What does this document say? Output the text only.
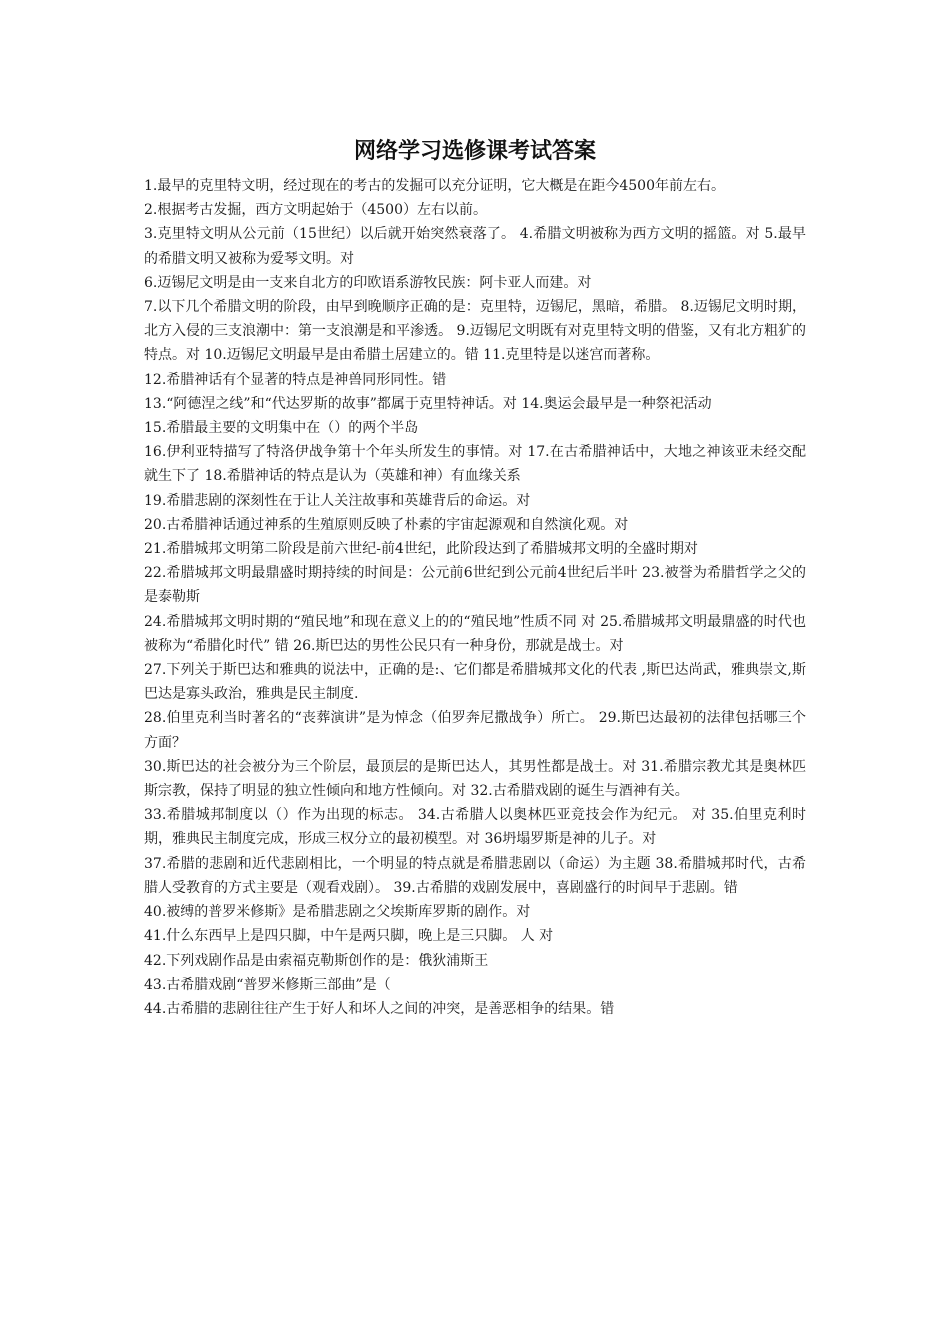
网络学习选修课考试答案

1.最早的克里特文明，经过现在的考古的发掘可以充分证明，它大概是在距今4500年前左右。

2.根据考古发掘，西方文明起始于（4500）左右以前。

3.克里特文明从公元前（15世纪）以后就开始突然衰落了。 4.希腊文明被称为西方文明的摇篮。对 5.最早的希腊文明又被称为爱琴文明。对

6.迈锡尼文明是由一支来自北方的印欧语系游牧民族：阿卡亚人而建。对

7.以下几个希腊文明的阶段，由早到晚顺序正确的是：克里特，迈锡尼，黑暗，希腊。 8.迈锡尼文明时期，北方入侵的三支浪潮中：第一支浪潮是和平渗透。 9.迈锡尼文明既有对克里特文明的借鉴，又有北方粗犷的特点。对 10.迈锡尼文明最早是由希腊土居建立的。错 11.克里特是以迷宫而著称。

12.希腊神话有个显著的特点是神兽同形同性。错

13.“阿德涅之线”和“代达罗斯的故事”都属于克里特神话。对 14.奥运会最早是一种祭祀活动

15.希腊最主要的文明集中在（）的两个半岛

16.伊利亚特描写了特洛伊战争第十个年头所发生的事情。对 17.在古希腊神话中，大地之神该亚未经交配就生下了 18.希腊神话的特点是认为（英雄和神）有血缘关系

19.希腊悲剧的深刻性在于让人关注故事和英雄背后的命运。对

20.古希腊神话通过神系的生殖原则反映了朴素的宇宙起源观和自然演化观。对

21.希腊城邦文明第二阶段是前六世纪-前4世纪，此阶段达到了希腊城邦文明的全盛时期对

22.希腊城邦文明最鼎盛时期持续的时间是：公元前6世纪到公元前4世纪后半叶 23.被誉为希腊哲学之父的是泰勒斯

24.希腊城邦文明时期的“殖民地”和现在意义上的的“殖民地”性质不同 对 25.希腊城邦文明最鼎盛的时代也被称为“希腊化时代” 错 26.斯巴达的男性公民只有一种身份，那就是战士。对

27.下列关于斯巴达和雅典的说法中，正确的是:、它们都是希腊城邦文化的代表 ,斯巴达尚武，雅典崇文,斯巴达是寡头政治，雅典是民主制度.

28.伯里克利当时著名的“丧葬演讲”是为悼念（伯罗奔尼撒战争）所亡。 29.斯巴达最初的法律包括哪三个方面？

30.斯巴达的社会被分为三个阶层，最顶层的是斯巴达人，其男性都是战士。对 31.希腊宗教尤其是奥林匹斯宗教，保持了明显的独立性倾向和地方性倾向。对 32.古希腊戏剧的诞生与酒神有关。

33.希腊城邦制度以（）作为出现的标志。 34.古希腊人以奥林匹亚竞技会作为纪元。 对 35.伯里克利时期，雅典民主制度完成，形成三权分立的最初模型。对 36坍塌罗斯是神的儿子。对

37.希腊的悲剧和近代悲剧相比，一个明显的特点就是希腊悲剧以（命运）为主题 38.希腊城邦时代，古希腊人受教育的方式主要是（观看戏剧）。 39.古希腊的戏剧发展中，喜剧盛行的时间早于悲剧。错

40.被缚的普罗米修斯》是希腊悲剧之父埃斯库罗斯的剧作。对

41.什么东西早上是四只脚，中午是两只脚，晚上是三只脚。 人 对

42.下列戏剧作品是由索福克勒斯创作的是：俄狄浦斯王

43.古希腊戏剧“普罗米修斯三部曲”是（

44.古希腊的悲剧往往产生于好人和坏人之间的冲突，是善恶相争的结果。错
